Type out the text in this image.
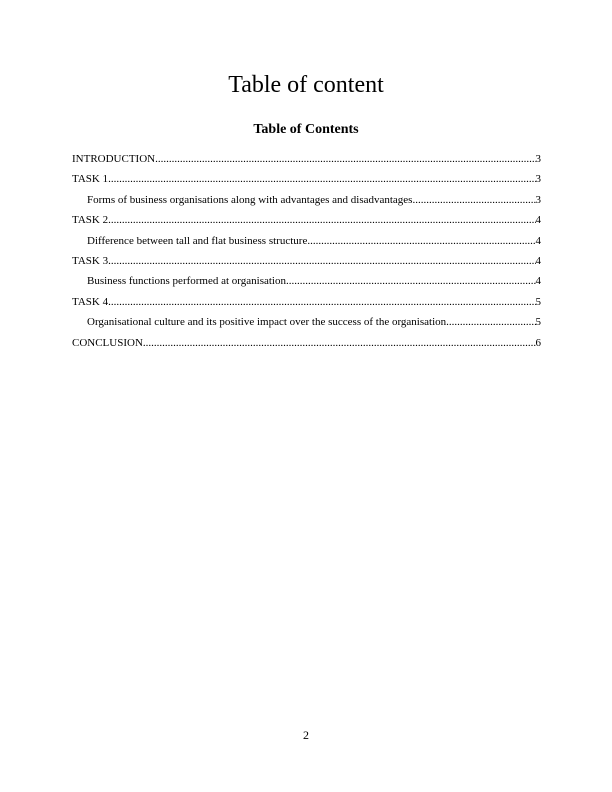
Table of content
Table of Contents
INTRODUCTION .....	3
TASK 1 .....	3
Forms of business organisations along with advantages and disadvantages .....	3
TASK 2 .....	4
Difference between tall and flat business structure .....	4
TASK 3 .....	4
Business functions performed at organisation .....	4
TASK 4 .....	5
Organisational culture and its positive impact over the success of the organisation .....	5
CONCLUSION .....	6
2
